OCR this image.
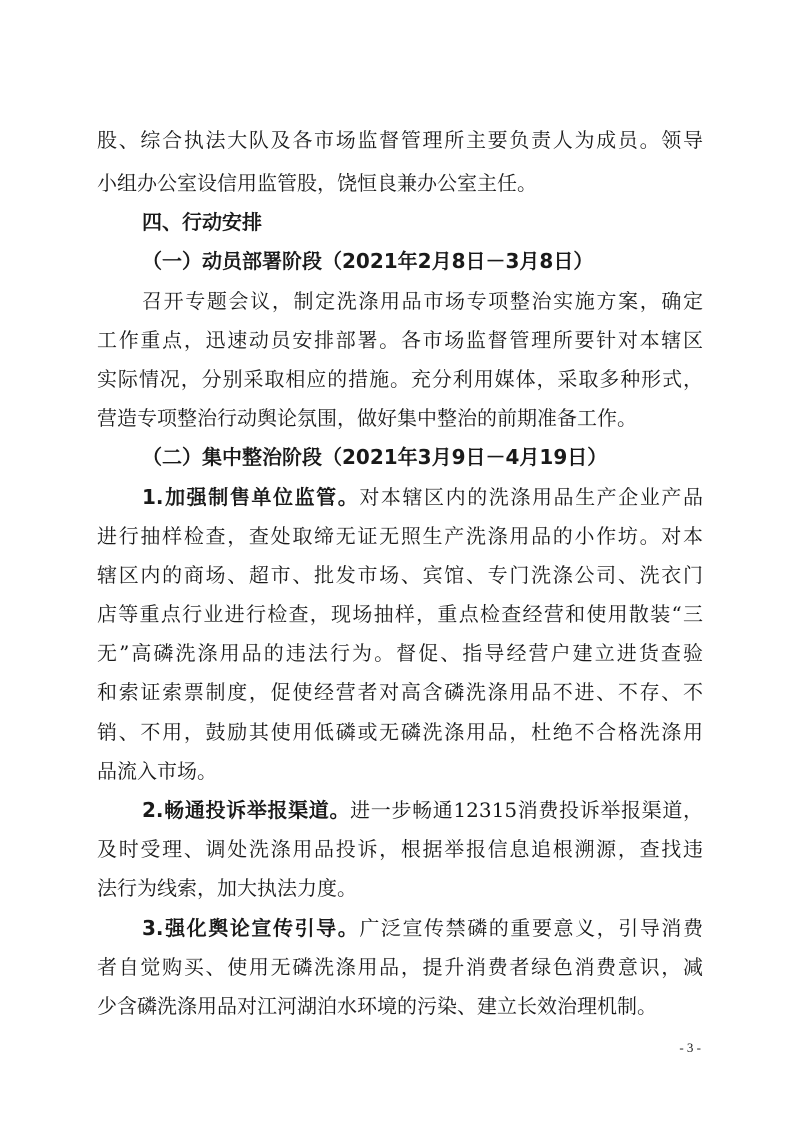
股、综合执法大队及各市场监督管理所主要负责人为成员。领导
小组办公室设信用监管股，饶恒良兼办公室主任。
四、行动安排
（一）动员部署阶段（2021年2月8日－3月8日）
召开专题会议，制定洗涤用品市场专项整治实施方案，确定
工作重点，迅速动员安排部署。各市场监督管理所要针对本辖区
实际情况，分别采取相应的措施。充分利用媒体，采取多种形式，
营造专项整治行动舆论氛围，做好集中整治的前期准备工作。
（二）集中整治阶段（2021年3月9日－4月19日）
1.加强制售单位监管。对本辖区内的洗涤用品生产企业产品
进行抽样检查，查处取缔无证无照生产洗涤用品的小作坊。对本
辖区内的商场、超市、批发市场、宾馆、专门洗涤公司、洗衣门
店等重点行业进行检查，现场抽样，重点检查经营和使用散装“三
无”高磷洗涤用品的违法行为。督促、指导经营户建立进货查验
和索证索票制度，促使经营者对高含磷洗涤用品不进、不存、不
销、不用，鼓励其使用低磷或无磷洗涤用品，杜绝不合格洗涤用
品流入市场。
2.畅通投诉举报渠道。进一步畅通12315消费投诉举报渠道，
及时受理、调处洗涤用品投诉，根据举报信息追根溯源，查找违
法行为线索，加大执法力度。
3.强化舆论宣传引导。广泛宣传禁磷的重要意义，引导消费
者自觉购买、使用无磷洗涤用品，提升消费者绿色消费意识，减
少含磷洗涤用品对江河湖泊水环境的污染、建立长效治理机制。
- 3 -
